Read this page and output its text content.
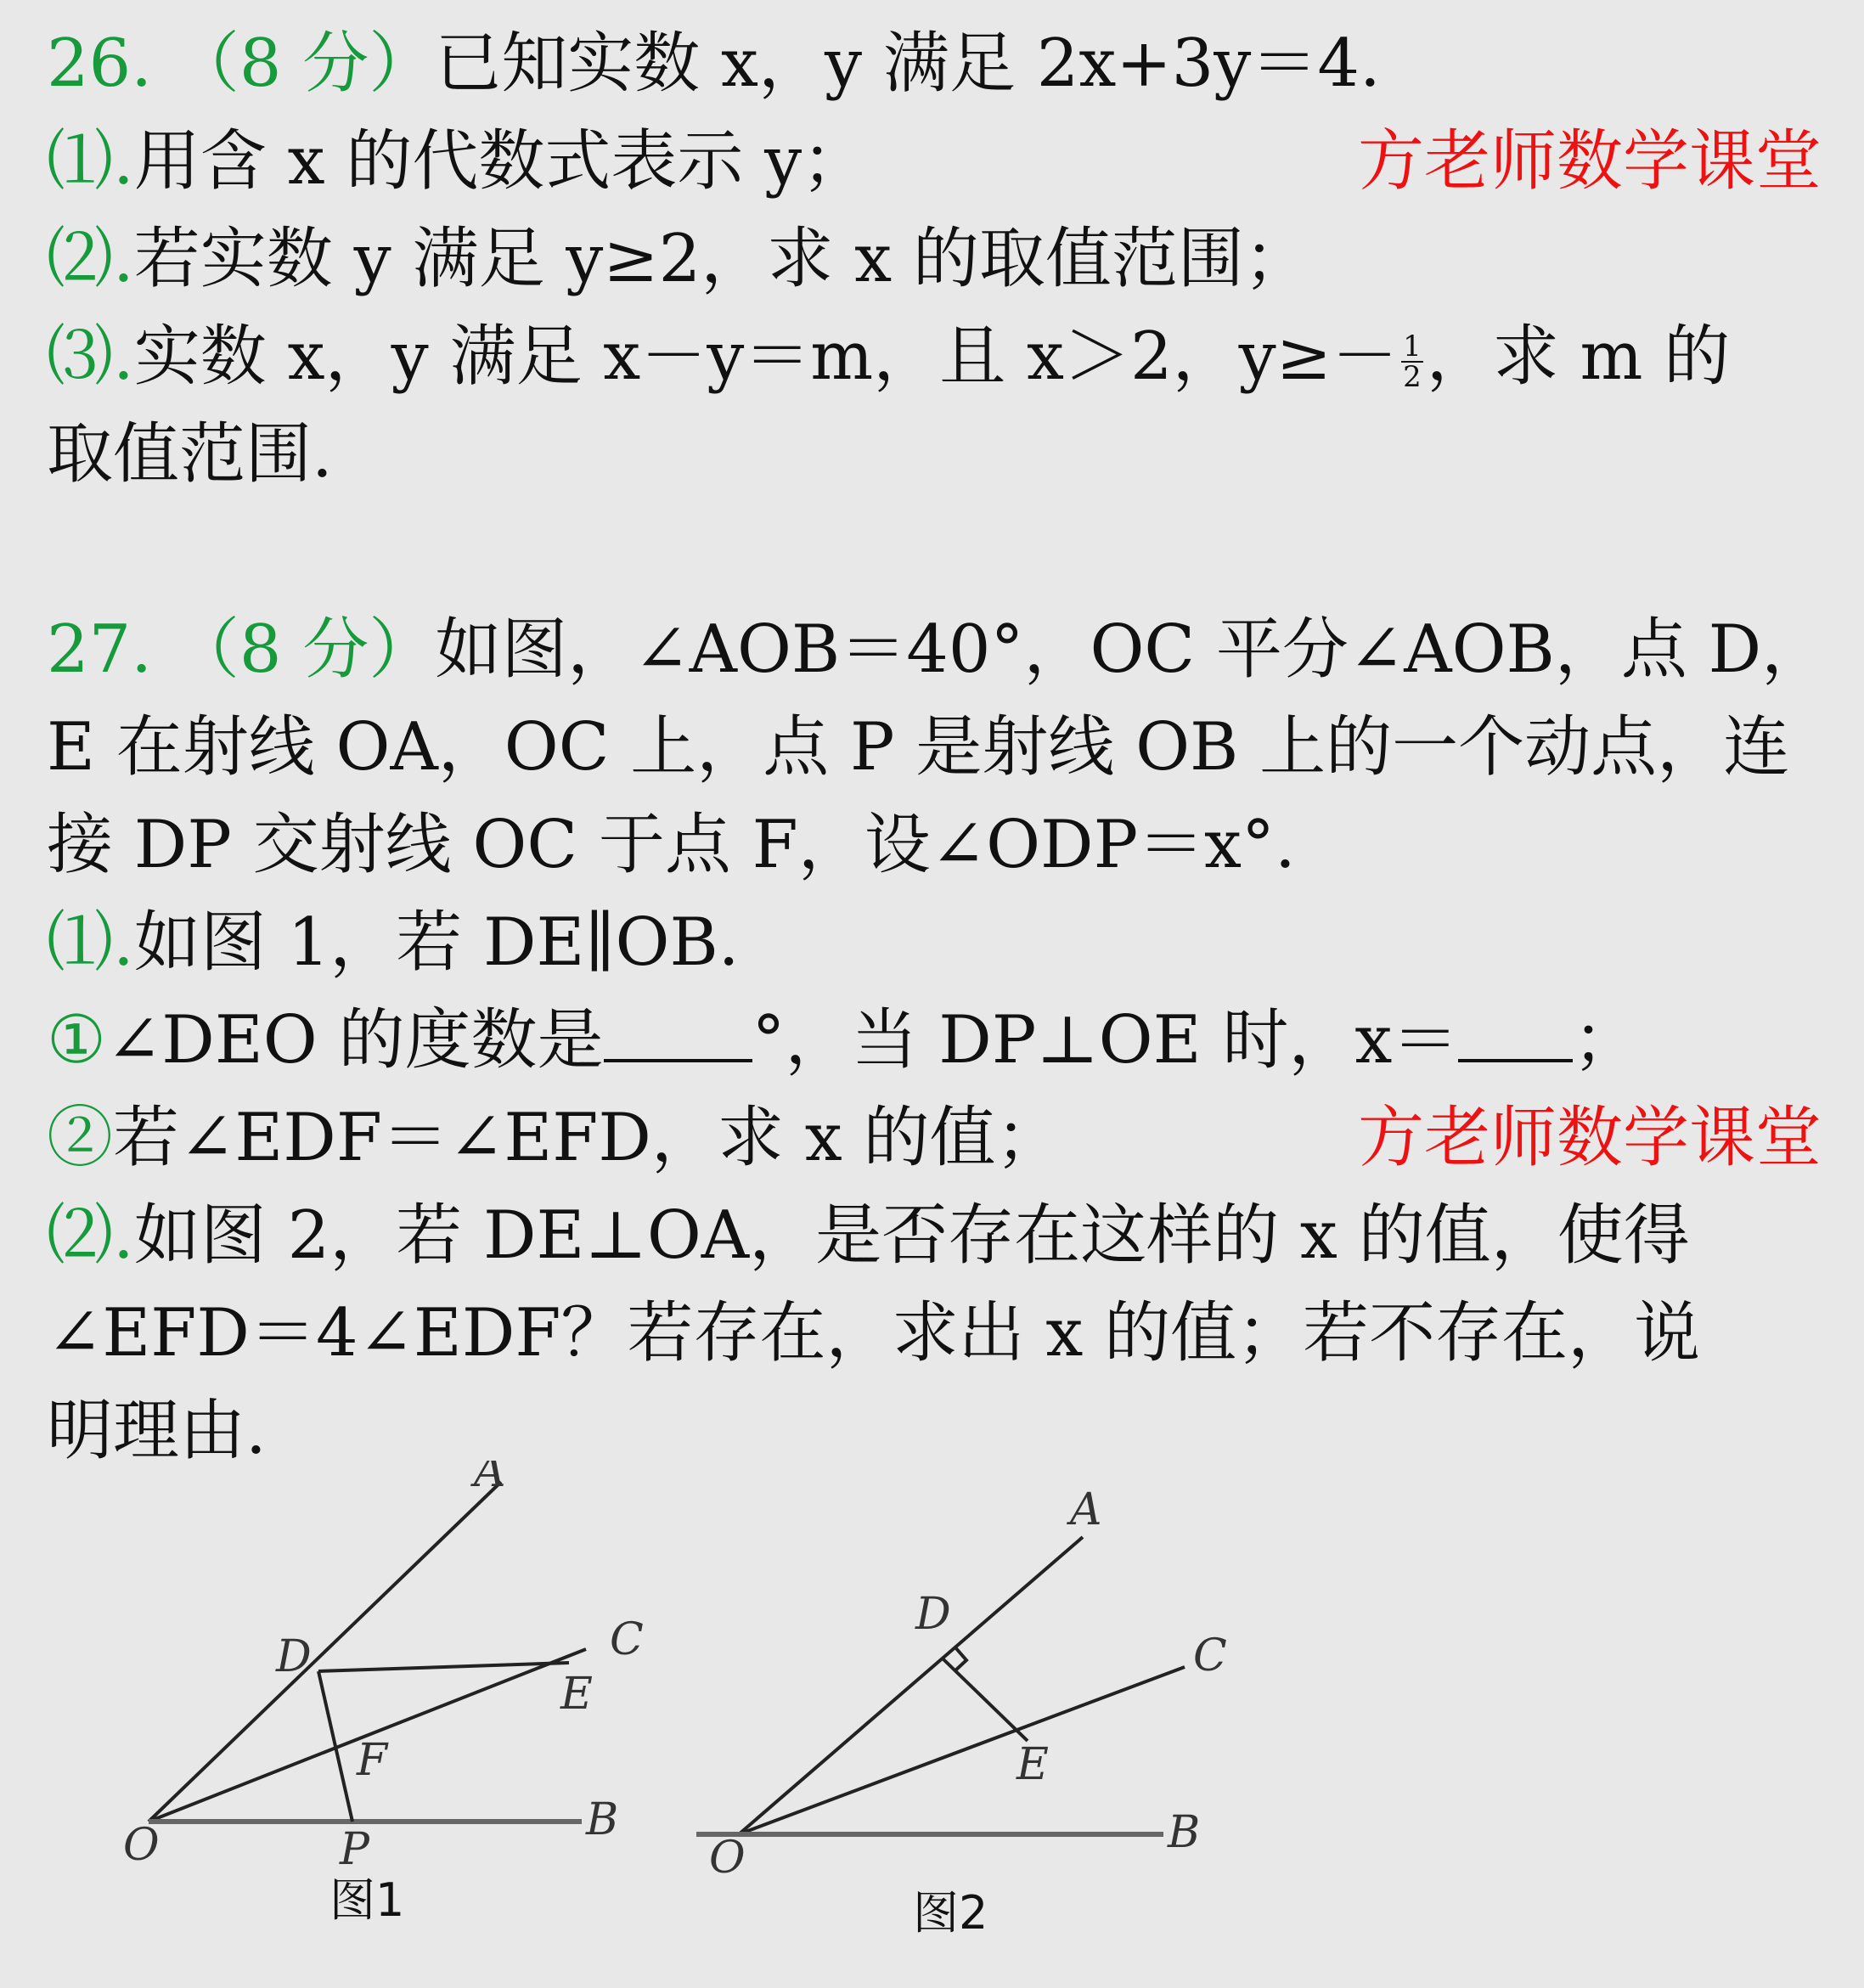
26. （8 分）已知实数 x，y 满足 2x+3y＝4.
⑴.用含 x 的代数式表示 y；	方老师数学课堂
⑵.若实数 y 满足 y≥2，求 x 的取值范围；
⑶.实数 x，y 满足 x－y＝m，且 x＞2，$y\ge- \frac{1}{2}$ ，求 m 的
取值范围.
27. （8 分）如图，∠AOB＝40°，OC 平分∠AOB，点 D，
E 在射线 OA，OC 上，点 P 是射线 OB 上的一个动点，连
接 DP 交射线 OC 于点 F，设∠ODP＝x°.
⑴.如图 1，若 DE∥OB.
①∠DEO 的度数是 °，当 DP⊥OE 时，x＝ ；
②若∠EDF＝∠EFD，求 x 的值；	方老师数学课堂
⑵.如图 2，若 DE⊥OA，是否存在这样的 x 的值，使得
∠EFD＝4∠EDF？若存在，求出 x 的值；若不存在，说
明理由.
A
C
D
E
F
O	P
B
图1
A
C
D
E
O	B
图2
